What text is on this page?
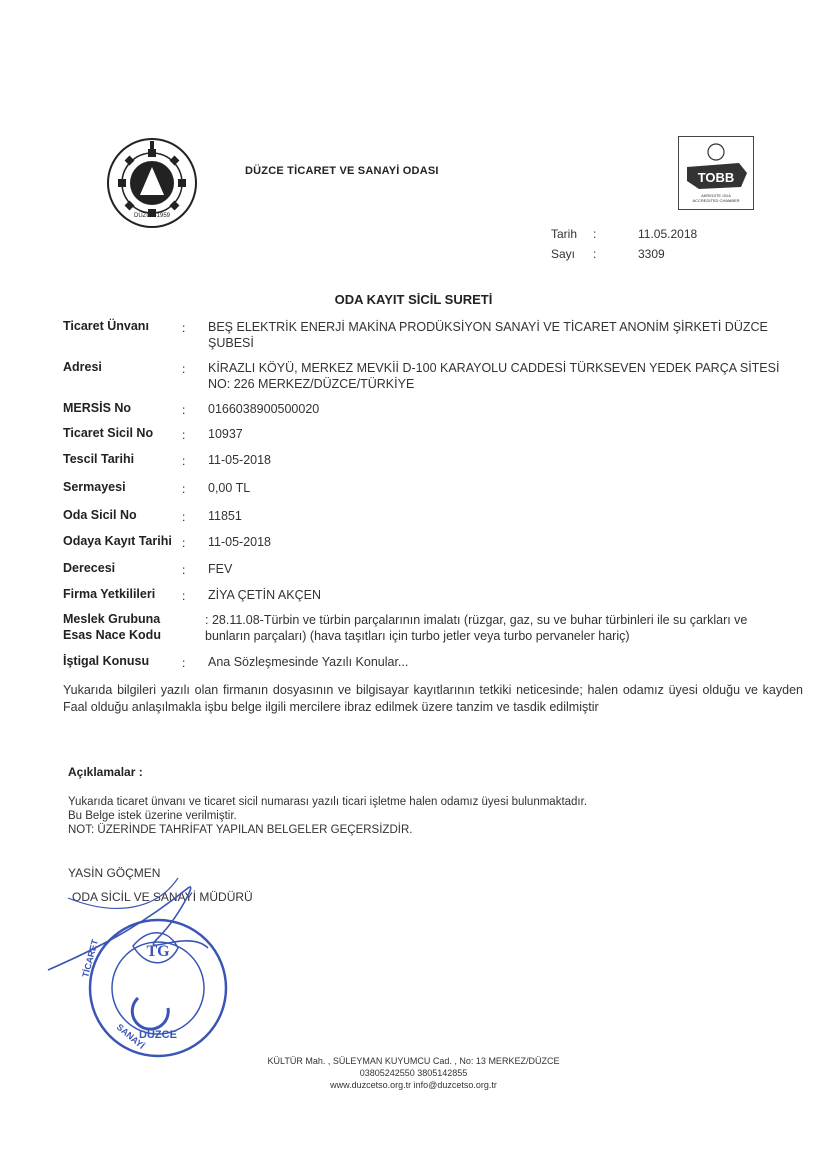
DÜZCE-1959
DÜZCE TİCARET VE SANAYİ ODASI	TOBB
AKREDİTE ODA
ACCREDITED CHAMBER
Tarih :	11.05.2018
Sayı :	3309
ODA KAYIT SİCİL SURETİ
Ticaret Ünvanı	: BEŞ ELEKTRİK ENERJİ MAKİNA PRODÜKSİYON SANAYİ VE TİCARET ANONİM ŞİRKETİ DÜZCE ŞUBESİ
Adresi	: KİRAZLI KÖYÜ, MERKEZ MEVKİİ D-100 KARAYOLU CADDESİ TÜRKSEVEN YEDEK PARÇA SİTESİ NO: 226 MERKEZ/DÜZCE/TÜRKİYE
MERSİS No	: 0166038900500020
Ticaret Sicil No : 10937
Tescil Tarihi	: 11-05-2018
Sermayesi	: 0,00 TL
Oda Sicil No	: 11851
Odaya Kayıt Tarihi : 11-05-2018
Derecesi	: FEV
Firma Yetkilileri : ZİYA ÇETİN AKÇEN
Meslek Grubuna
Esas Nace Kodu
: 28.11.08-Türbin ve türbin parçalarının imalatı (rüzgar, gaz, su ve buhar türbinleri ile su çarkları ve bunların parçaları) (hava taşıtları için turbo jetler veya turbo pervaneler hariç)
İştigal Konusu	: Ana Sözleşmesinde Yazılı Konular...
Yukarıda bilgileri yazılı olan firmanın dosyasının ve bilgisayar kayıtlarının tetkiki neticesinde; halen odamız üyesi olduğu ve kayden Faal olduğu anlaşılmakla işbu belge ilgili mercilere ibraz edilmek üzere tanzim ve tasdik edilmiştir
Açıklamalar :
Yukarıda ticaret ünvanı ve ticaret sicil numarası yazılı ticari işletme halen odamız üyesi bulunmaktadır.
Bu Belge istek üzerine verilmiştir.
NOT: ÜZERİNDE TAHRİFAT YAPILAN BELGELER GEÇERSİZDİR.
YASİN GÖÇMEN
ODA SİCİL VE SANAYİ MÜDÜRÜ
TG
DÜZCE
SANAYİ
TİCARET
KÜLTÜR Mah. , SÜLEYMAN KUYUMCU Cad. , No: 13 MERKEZ/DÜZCE
03805242550 3805142855
www.duzcetso.org.tr info@duzcetso.org.tr
